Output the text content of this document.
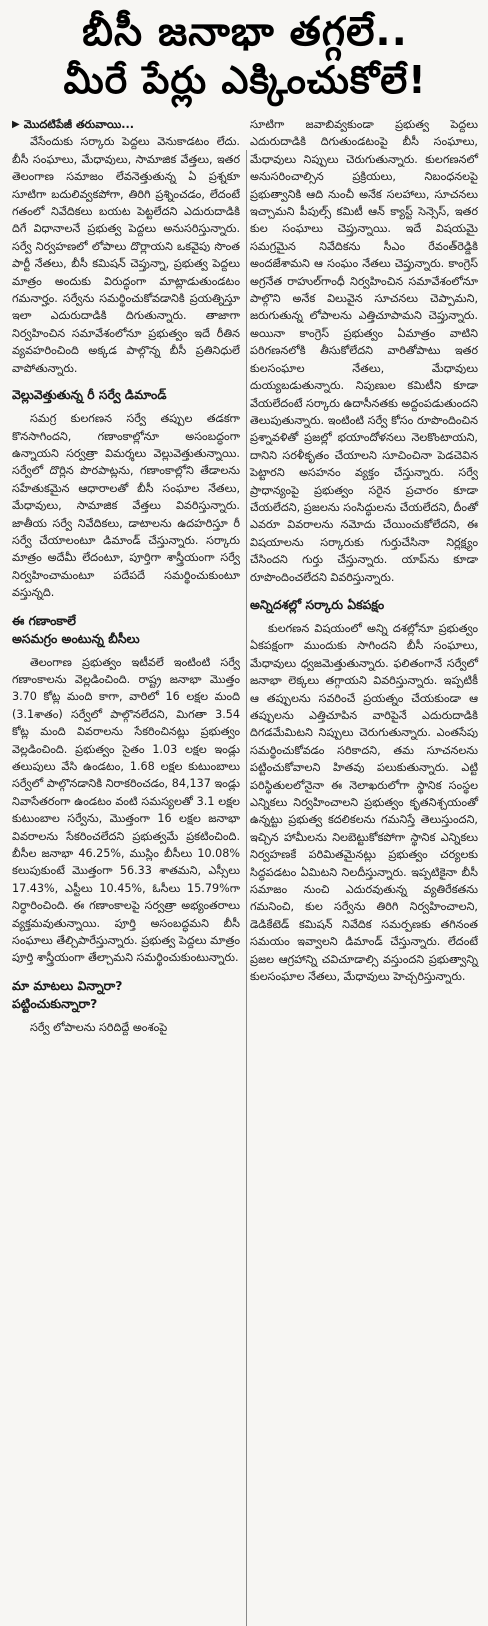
బీసీ జనాభా తగ్గలే..
మీరే పేర్లు ఎక్కించుకోలే!
▶ మొదటిపేజీ తరువాయి...

వేసేందుకు సర్కారు పెద్దలు వెనుకాడటం లేదు. బీసీ సంఘాలు, మేధావులు, సామాజిక వేత్తలు, ఇతర తెలంగాణ సమాజం లేవనెత్తుతున్న ఏ ప్రశ్నకూ సూటిగా బదులివ్వకపోగా, తిరిగి ప్రశ్నించడం, లేదంటే గతంలో నివేదికలు బయట పెట్టలేదని ఎదురుదాడికి దిగే విధానాలనే ప్రభుత్వ పెద్దలు అనుసరిస్తున్నారు. సర్వే నిర్వహణలో లోపాలు దొర్లాయని ఒకవైపు సొంత పార్టీ నేతలు, బీసీ కమిషన్ చెప్తున్నా, ప్రభుత్వ పెద్దలు మాత్రం అందుకు విరుద్ధంగా మాట్లాడుతుండటం గమనార్హం. సర్వేను సమర్థించుకోవడానికి ప్రయత్నిస్తూ ఇలా ఎదురుదాడికి దిగుతున్నారు. తాజాగా నిర్వహించిన సమావేశంలోనూ ప్రభుత్వం ఇదే రీతిన వ్యవహరించింది అక్కడ పాల్గొన్న బీసీ ప్రతినిధులే వాపోతున్నారు.

వెల్లువెత్తుతున్న రీ సర్వే డిమాండ్

సమగ్ర కులగణన సర్వే తప్పుల తడకగా కొనసాగిందని, గణాంకాల్లోనూ అసంబద్ధంగా ఉన్నాయని సర్వత్రా విమర్శలు వెల్లువెత్తుతున్నాయి. సర్వేలో దొర్లిన పొరపాట్లను, గణాంకాల్లోని తేడాలను సహేతుకమైన ఆధారాలతో బీసీ సంఘాల నేతలు, మేధావులు, సామాజిక వేత్తలు వివరిస్తున్నారు. జాతీయ సర్వే నివేదికలు, డాటాలను ఉదహరిస్తూ రీ సర్వే చేయాలంటూ డిమాండ్ చేస్తున్నారు. సర్కారు మాత్రం అదేమీ లేదంటూ, పూర్తిగా శాస్త్రీయంగా సర్వే నిర్వహించామంటూ పదేపదే సమర్థించుకుంటూ వస్తున్నది.

ఈ గణాంకాలే
అసమగ్రం అంటున్న బీసీలు

తెలంగాణ ప్రభుత్వం ఇటీవలే ఇంటింటి సర్వే గణాంకాలను వెల్లడించింది. రాష్ట్ర జనాభా మొత్తం 3.70 కోట్ల మంది కాగా, వారిలో 16 లక్షల మంది (3.1శాతం) సర్వేలో పాల్గొనలేదని, మిగతా 3.54 కోట్ల మంది వివరాలను సేకరించినట్లు ప్రభుత్వం వెల్లడించింది. ప్రభుత్వం సైతం 1.03 లక్షల ఇండ్లు తలుపులు వేసి ఉండటం, 1.68 లక్షల కుటుంబాలు సర్వేలో పాల్గొనడానికి నిరాకరించడం, 84,137 ఇండ్లు నివాసేతరంగా ఉండటం వంటి సమస్యలతో 3.1 లక్షల కుటుంబాల సర్వేను, మొత్తంగా 16 లక్షల జనాభా వివరాలను సేకరించలేదని ప్రభుత్వమే ప్రకటించింది. బీసీల జనాభా 46.25%, ముస్లిం బీసీలు 10.08% కలుపుకుంటే మొత్తంగా 56.33 శాతమని, ఎస్సీలు 17.43%, ఎస్టీలు 10.45%, ఓసీలు 15.79%గా నిర్ధారించింది. ఈ గణాంకాలపై సర్వత్రా అభ్యంతరాలు వ్యక్తమవుతున్నాయి. పూర్తి అసంబద్ధమని బీసీ సంఘాలు తేల్చిపారేస్తున్నారు. ప్రభుత్వ పెద్దలు మాత్రం పూర్తి శాస్త్రీయంగా తేల్చామని సమర్థించుకుంటున్నారు.

మా మాటలు విన్నారా?
పట్టించుకున్నారా?

సర్వే లోపాలను సరిదిద్దే అంశంపై

సూటిగా జవాబివ్వకుండా ప్రభుత్వ పెద్దలు ఎదురుదాడికి దిగుతుండటంపై బీసీ సంఘాలు, మేధావులు నిప్పులు చెరుగుతున్నారు. కులగణనలో అనుసరించాల్సిన ప్రక్రియలు, నిబంధనలపై ప్రభుత్వానికి ఆది నుంచీ అనేక సలహాలు, సూచనలు ఇచ్చామని పీపుల్స్ కమిటీ ఆన్ క్యాస్ట్ సెన్సెస్, ఇతర కుల సంఘాలు చెప్తున్నాయి. ఇదే విషయమై సమగ్రమైన నివేదికను సీఎం రేవంత్‌రెడ్డికి అందజేశామని ఆ సంఘం నేతలు చెప్తున్నారు. కాంగ్రెస్ అగ్రనేత రాహుల్‌గాంధీ నిర్వహించిన సమావేశంలోనూ పాల్గొని అనేక విలువైన సూచనలు చెప్పామని, జరుగుతున్న లోపాలను ఎత్తిచూపామని చెప్తున్నారు. అయినా కాంగ్రెస్ ప్రభుత్వం ఏమాత్రం వాటిని పరిగణనలోకి తీసుకోలేదని వారితోపాటు ఇతర కులసంఘాల నేతలు, మేధావులు దుయ్యబడుతున్నారు. నిపుణుల కమిటీని కూడా వేయలేదంటే సర్కారు ఉదాసీనతకు అద్దంపడుతుందని తెలుపుతున్నారు. ఇంటింటి సర్వే కోసం రూపొందించిన ప్రశ్నావళితో ప్రజల్లో భయాందోళనలు నెలకొంటాయని, దానిని సరళీకృతం చేయాలని సూచించినా పెడచెవిన పెట్టారని అసహనం వ్యక్తం చేస్తున్నారు. సర్వే ప్రాధాన్యంపై ప్రభుత్వం సరైన ప్రచారం కూడా చేయలేదని, ప్రజలను సంసిద్ధులను చేయలేదని, దీంతో ఎవరూ వివరాలను నమోదు చేయించుకోలేదని, ఈ విషయాలను సర్కారుకు గుర్తుచేసినా నిర్లక్ష్యం చేసిందని గుర్తు చేస్తున్నారు. యాప్‌ను కూడా రూపొందించలేదని వివరిస్తున్నారు.

అన్నిదశల్లో సర్కారు ఏకపక్షం

కులగణన విషయంలో అన్ని దశల్లోనూ ప్రభుత్వం ఏకపక్షంగా ముందుకు సాగిందని బీసీ సంఘాలు, మేధావులు ధ్వజమెత్తుతున్నారు. ఫలితంగానే సర్వేలో జనాభా లెక్కలు తగ్గాయని వివరిస్తున్నారు. ఇప్పటికీ ఆ తప్పులను సవరించే ప్రయత్నం చేయకుండా ఆ తప్పులను ఎత్తిచూపిన వారిపైనే ఎదురుదాడికి దిగడమేమిటని నిప్పులు చెరుగుతున్నారు. ఎంతసేపు సమర్థించుకోవడం సరికాదని, తమ సూచనలను పట్టించుకోవాలని హితవు పలుకుతున్నారు. ఎట్టి పరిస్థితులలోనైనా ఈ నెలాఖరులోగా స్థానిక సంస్థల ఎన్నికలు నిర్వహించాలని ప్రభుత్వం కృతనిశ్చయంతో ఉన్నట్టు ప్రభుత్వ కదలికలను గమనిస్తే తెలుస్తుందని, ఇచ్చిన హామీలను నిలబెట్టుకోకపోగా స్థానిక ఎన్నికలు నిర్వహణకే పరిమితమైనట్లు ప్రభుత్వం చర్యలకు సిద్ధపడటం ఏమిటని నిలదీస్తున్నారు. ఇప్పటికైనా బీసీ సమాజం నుంచి ఎదురవుతున్న వ్యతిరేకతను గమనించి, కుల సర్వేను తిరిగి నిర్వహించాలని, డెడికేటెడ్ కమిషన్ నివేదిక సమర్పణకు తగినంత సమయం ఇవ్వాలని డిమాండ్ చేస్తున్నారు. లేదంటే ప్రజల ఆగ్రహాన్ని చవిచూడాల్సి వస్తుందని ప్రభుత్వాన్ని కులసంఘాల నేతలు, మేధావులు హెచ్చరిస్తున్నారు.
